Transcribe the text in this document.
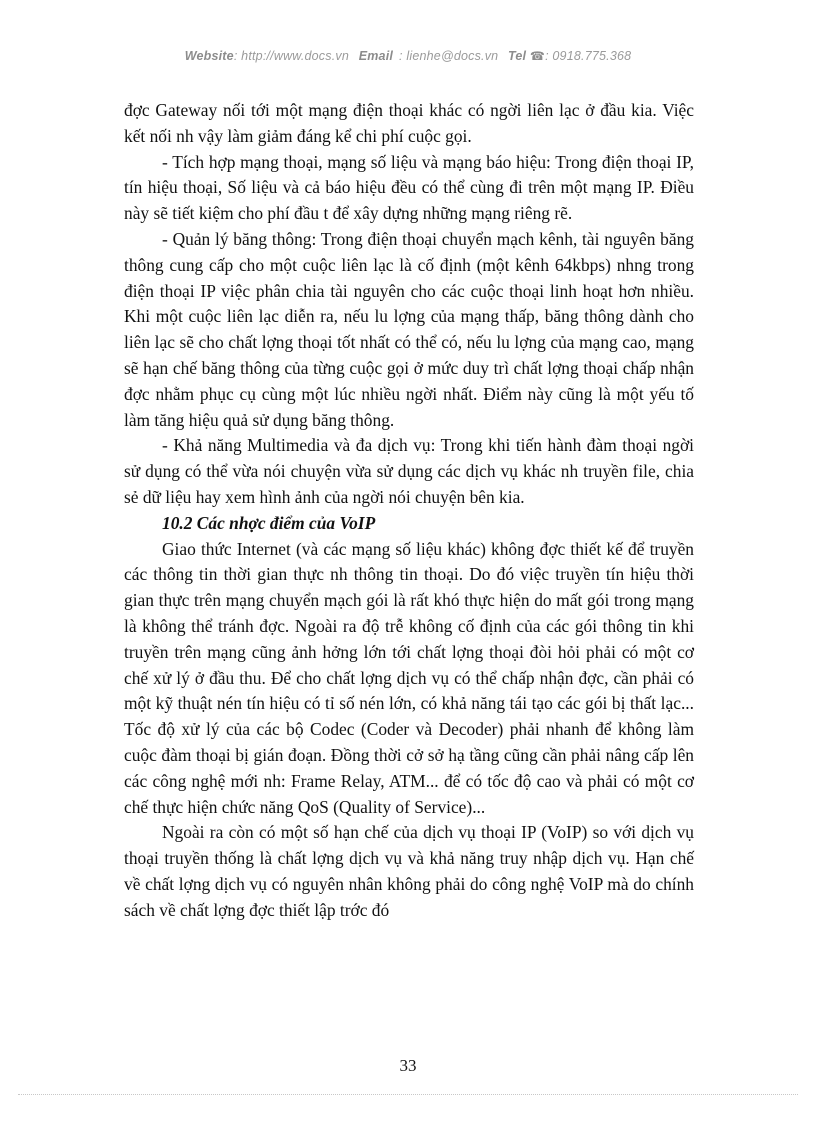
Website: http://www.docs.vn Email : lienhe@docs.vn Tel ☎: 0918.775.368

đợc Gateway nối tới một mạng điện thoại khác có ngời liên lạc ở đầu kia. Việc kết nối nh vậy làm giảm đáng kể chi phí cuộc gọi.

- Tích hợp mạng thoại, mạng số liệu và mạng báo hiệu: Trong điện thoại IP, tín hiệu thoại, Số liệu và cả báo hiệu đều có thể cùng đi trên một mạng IP. Điều này sẽ tiết kiệm cho phí đầu t để xây dựng những mạng riêng rẽ.

- Quản lý băng thông: Trong điện thoại chuyển mạch kênh, tài nguyên băng thông cung cấp cho một cuộc liên lạc là cố định (một kênh 64kbps) nhng trong điện thoại IP việc phân chia tài nguyên cho các cuộc thoại linh hoạt hơn nhiều. Khi một cuộc liên lạc diễn ra, nếu lu lợng của mạng thấp, băng thông dành cho liên lạc sẽ cho chất lợng thoại tốt nhất có thể có, nếu lu lợng của mạng cao, mạng sẽ hạn chế băng thông của từng cuộc gọi ở mức duy trì chất lợng thoại chấp nhận đợc nhằm phục cụ cùng một lúc nhiều ngời nhất. Điểm này cũng là một yếu tố làm tăng hiệu quả sử dụng băng thông.

- Khả năng Multimedia và đa dịch vụ: Trong khi tiến hành đàm thoại ngời sử dụng có thể vừa nói chuyện vừa sử dụng các dịch vụ khác nh truyền file, chia sẻ dữ liệu hay xem hình ảnh của ngời nói chuyện bên kia.

10.2 Các nhợc điểm của VoIP

Giao thức Internet (và các mạng số liệu khác) không đợc thiết kế để truyền các thông tin thời gian thực nh thông tin thoại. Do đó việc truyền tín hiệu thời gian thực trên mạng chuyển mạch gói là rất khó thực hiện do mất gói trong mạng là không thể tránh đợc. Ngoài ra độ trễ không cố định của các gói thông tin khi truyền trên mạng cũng ảnh hởng lớn tới chất lợng thoại đòi hỏi phải có một cơ chế xử lý ở đầu thu. Để cho chất lợng dịch vụ có thể chấp nhận đợc, cần phải có một kỹ thuật nén tín hiệu có tỉ số nén lớn, có khả năng tái tạo các gói bị thất lạc... Tốc độ xử lý của các bộ Codec (Coder và Decoder) phải nhanh để không làm cuộc đàm thoại bị gián đoạn. Đồng thời cở sở hạ tầng cũng cần phải nâng cấp lên các công nghệ mới nh: Frame Relay, ATM... để có tốc độ cao và phải có một cơ chế thực hiện chức năng QoS (Quality of Service)...

Ngoài ra còn có một số hạn chế của dịch vụ thoại IP (VoIP) so với dịch vụ thoại truyền thống là chất lợng dịch vụ và khả năng truy nhập dịch vụ. Hạn chế về chất lợng dịch vụ có nguyên nhân không phải do công nghệ VoIP mà do chính sách về chất lợng đợc thiết lập trớc đó

33
